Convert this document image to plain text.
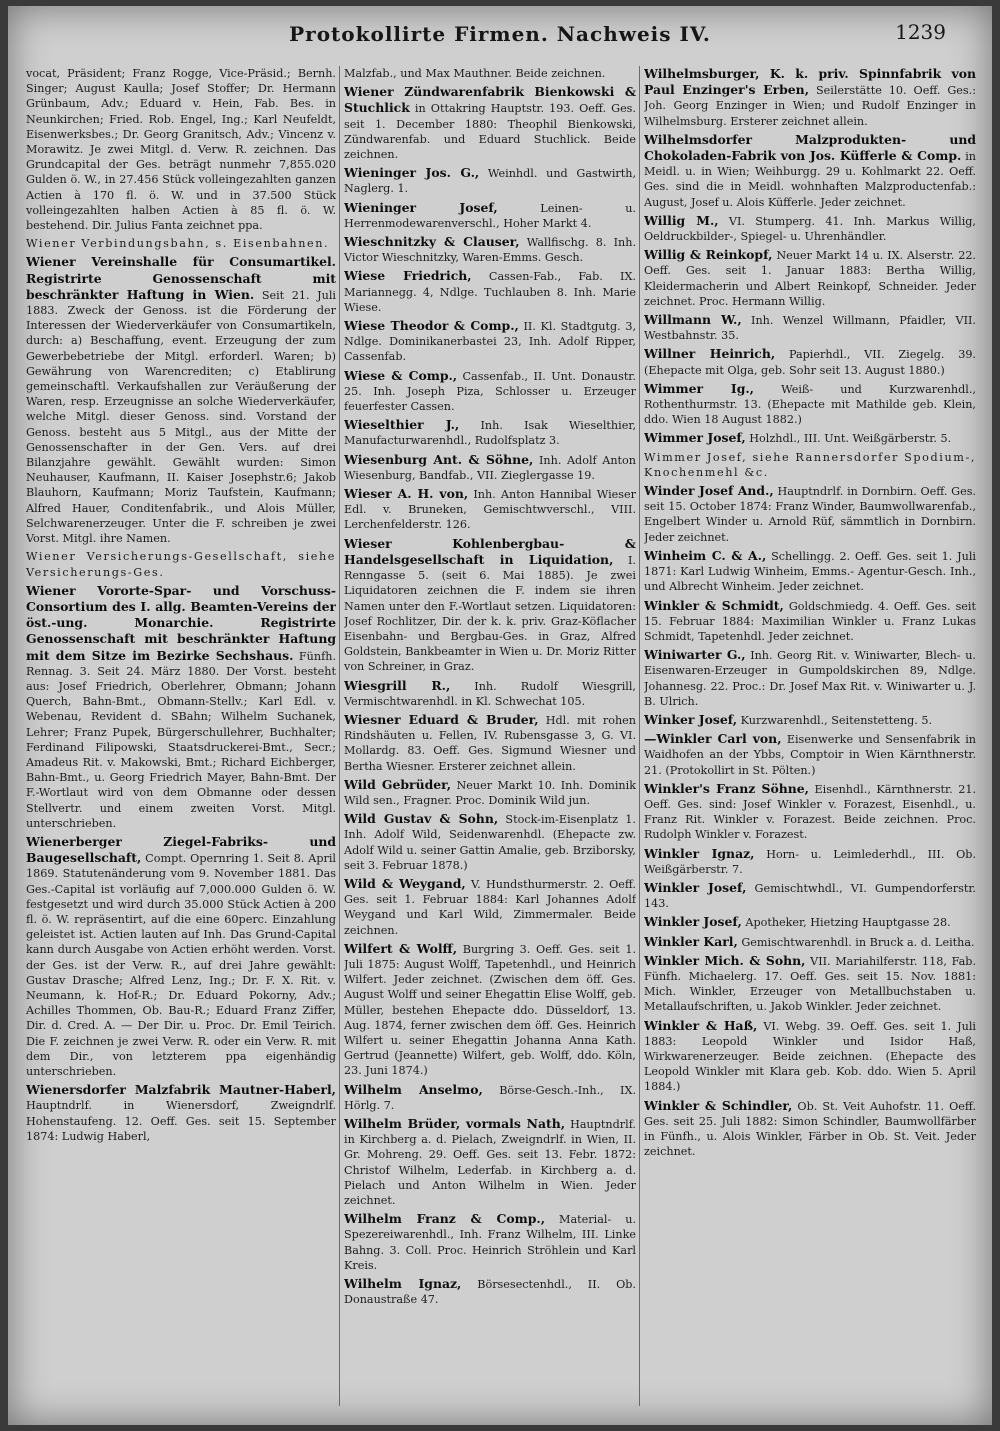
Protokollirte Firmen. Nachweis IV.	1239
vocat, Präsident; Franz Rogge, Vice-Präsid.; Bernh. Singer; August Kaulla; Josef Stoffer; Dr. Hermann Grünbaum, Adv.; Eduard v. Hein, Fab. Bes. in Neunkirchen; Fried. Rob. Engel, Ing.; Karl Neufeldt, Eisenwerksbes.; Dr. Georg Granitsch, Adv.; Vincenz v. Morawitz. Je zwei Mitgl. d. Verw. R. zeichnen. Das Grundcapital der Ges. beträgt nunmehr 7,855.020 Gulden ö. W., in 27.456 Stück volleingezahlten ganzen Actien à 170 fl. ö. W. und in 37.500 Stück volleingezahlten halben Actien à 85 fl. ö. W. bestehend. Dir. Julius Fanta zeichnet ppa.
Wiener Verbindungsbahn, s. Eisenbahnen.
Wiener Vereinshalle für Consumartikel. Registrirte Genossenschaft mit beschränkter Haftung in Wien. Seit 21. Juli 1883. Zweck der Genoss. ist die Förderung der Interessen der Wiederverkäufer von Consumartikeln, durch: a) Beschaffung, event. Erzeugung der zum Gewerbebetriebe der Mitgl. erforderl. Waren; b) Gewährung von Warencrediten; c) Etablirung gemeinschaftl. Verkaufshallen zur Veräußerung der Waren, resp. Erzeugnisse an solche Wiederverkäufer, welche Mitgl. dieser Genoss. sind. Vorstand der Genoss. besteht aus 5 Mitgl., aus der Mitte der Genossenschafter in der Gen. Vers. auf drei Bilanzjahre gewählt. Gewählt wurden: Simon Neuhauser, Kaufmann, II. Kaiser Josephstr.6; Jakob Blauhorn, Kaufmann; Moriz Taufstein, Kaufmann; Alfred Hauer, Conditenfabrik., und Alois Müller, Selchwarenerzeuger. Unter die F. schreiben je zwei Vorst. Mitgl. ihre Namen.
Wiener Versicherungs-Gesellschaft, siehe Versicherungs-Ges.
Wiener Vororte-Spar- und Vorschuss-Consortium des I. allg. Beamten-Vereins der öst.-ung. Monarchie. Registrirte Genossenschaft mit beschränkter Haftung mit dem Sitze im Bezirke Sechshaus. Fünfh. Rennag. 3. Seit 24. März 1880. Der Vorst. besteht aus: Josef Friedrich, Oberlehrer, Obmann; Johann Querch, Bahn-Bmt., Obmann-Stellv.; Karl Edl. v. Webenau, Revident d. SBahn; Wilhelm Suchanek, Lehrer; Franz Pupek, Bürgerschullehrer, Buchhalter; Ferdinand Filipowski, Staatsdruckerei-Bmt., Secr.; Amadeus Rit. v. Makowski, Bmt.; Richard Eichberger, Bahn-Bmt., u. Georg Friedrich Mayer, Bahn-Bmt. Der F.-Wortlaut wird von dem Obmanne oder dessen Stellvertr. und einem zweiten Vorst. Mitgl. unterschrieben.
Wienerberger Ziegel-Fabriks- und Baugesellschaft, Compt. Opernring 1. Seit 8. April 1869. Statutenänderung vom 9. November 1881. Das Ges.-Capital ist vorläufig auf 7,000.000 Gulden ö. W. festgesetzt und wird durch 35.000 Stück Actien à 200 fl. ö. W. repräsentirt, auf die eine 60perc. Einzahlung geleistet ist. Actien lauten auf Inh. Das Grund-Capital kann durch Ausgabe von Actien erhöht werden. Vorst. der Ges. ist der Verw. R., auf drei Jahre gewählt: Gustav Drasche; Alfred Lenz, Ing.; Dr. F. X. Rit. v. Neumann, k. Hof-R.; Dr. Eduard Pokorny, Adv.; Achilles Thommen, Ob. Bau-R.; Eduard Franz Ziffer, Dir. d. Cred. A. — Der Dir. u. Proc. Dr. Emil Teirich. Die F. zeichnen je zwei Verw. R. oder ein Verw. R. mit dem Dir., von letzterem ppa eigenhändig unterschrieben.
Wienersdorfer Malzfabrik Mautner-Haberl, Hauptndrlf. in Wienersdorf, Zweigndrlf. Hohenstaufeng. 12. Oeff. Ges. seit 15. September 1874: Ludwig Haberl,
Malzfab., und Max Mauthner. Beide zeichnen.
Wiener Zündwarenfabrik Bienkowski & Stuchlick in Ottakring Hauptstr. 193. Oeff. Ges. seit 1. December 1880: Theophil Bienkowski, Zündwarenfab. und Eduard Stuchlick. Beide zeichnen.
Wieninger Jos. G., Weinhdl. und Gastwirth, Naglerg. 1.
Wieninger Josef,	Leinen- u. Herrenmodewarenverschl., Hoher Markt 4.
Wieschnitzky & Clauser, Wallfischg. 8. Inh. Victor Wieschnitzky, Waren-Emms. Gesch.
Wiese Friedrich, Cassen-Fab., Fab. IX. Mariannegg. 4, Ndlge. Tuchlauben 8. Inh. Marie Wiese.
Wiese Theodor & Comp., II. Kl. Stadtgutg. 3, Ndlge. Dominikanerbastei 23, Inh. Adolf Ripper, Cassenfab.
Wiese & Comp., Cassenfab., II. Unt. Donaustr. 25. Inh. Joseph Piza, Schlosser u. Erzeuger feuerfester Cassen.
Wieselthier J., Inh. Isak Wieselthier, Manufacturwarenhdl., Rudolfsplatz 3.
Wiesenburg Ant. & Söhne, Inh. Adolf Anton Wiesenburg, Bandfab., VII. Zieglergasse 19.
Wieser A. H. von, Inh. Anton Hannibal Wieser Edl. v. Bruneken, Gemischtwverschl., VIII. Lerchenfelderstr. 126.
Wieser Kohlenbergbau- & Handelsgesellschaft in Liquidation, I. Renngasse 5. (seit 6. Mai 1885). Je zwei Liquidatoren zeichnen die F. indem sie ihren Namen unter den F.-Wortlaut setzen. Liquidatoren: Josef Rochlitzer, Dir. der k. k. priv. Graz-Köflacher Eisenbahn- und Bergbau-Ges. in Graz, Alfred Goldstein, Bankbeamter in Wien u. Dr. Moriz Ritter von Schreiner, in Graz.
Wiesgrill R., Inh. Rudolf Wiesgrill, Vermischtwarenhdl. in Kl. Schwechat 105.
Wiesner Eduard & Bruder, Hdl. mit rohen Rindshäuten u. Fellen, IV. Rubensgasse 3, G. VI. Mollardg. 83. Oeff. Ges. Sigmund Wiesner und Bertha Wiesner. Ersterer zeichnet allein.
Wild Gebrüder, Neuer Markt 10. Inh. Dominik Wild sen., Fragner. Proc. Dominik Wild jun.
Wild Gustav & Sohn, Stock-im-Eisenplatz 1. Inh. Adolf Wild, Seidenwarenhdl. (Ehepacte zw. Adolf Wild u. seiner Gattin Amalie, geb. Brziborsky, seit 3. Februar 1878.)
Wild & Weygand, V. Hundsthurmerstr. 2. Oeff. Ges. seit 1. Februar 1884: Karl Johannes Adolf Weygand und Karl Wild, Zimmermaler. Beide zeichnen.
Wilfert & Wolff, Burgring 3. Oeff. Ges. seit 1. Juli 1875: August Wolff, Tapetenhdl., und Heinrich Wilfert. Jeder zeichnet. (Zwischen dem öff. Ges. August Wolff und seiner Ehegattin Elise Wolff, geb. Müller, bestehen Ehepacte ddo. Düsseldorf, 13. Aug. 1874, ferner zwischen dem öff. Ges. Heinrich Wilfert u. seiner Ehegattin Johanna Anna Kath. Gertrud (Jeannette) Wilfert, geb. Wolff, ddo. Köln, 23. Juni 1874.)
Wilhelm Anselmo, Börse-Gesch.-Inh., IX. Hörlg. 7.
Wilhelm Brüder, vormals Nath, Hauptndrlf. in Kirchberg a. d. Pielach, Zweigndrlf. in Wien, II. Gr. Mohreng. 29. Oeff. Ges. seit 13. Febr. 1872: Christof Wilhelm, Lederfab. in Kirchberg a. d. Pielach und Anton Wilhelm in Wien. Jeder zeichnet.
Wilhelm Franz & Comp., Material- u. Spezereiwarenhdl., Inh. Franz Wilhelm, III. Linke Bahng. 3. Coll. Proc. Heinrich Ströhlein und Karl Kreis.
Wilhelm Ignaz, Börsesectenhdl., II. Ob. Donaustraße 47.
Wilhelmsburger, K. k. priv. Spinnfabrik von Paul Enzinger's Erben, Seilerstätte 10. Oeff. Ges.: Joh. Georg Enzinger in Wien; und Rudolf Enzinger in Wilhelmsburg. Ersterer zeichnet allein.
Wilhelmsdorfer Malzprodukten- und Chokoladen-Fabrik von Jos. Küfferle & Comp. in Meidl. u. in Wien; Weihburgg. 29 u. Kohlmarkt 22. Oeff. Ges. sind die in Meidl. wohnhaften Malzproductenfab.: August, Josef u. Alois Küfferle. Jeder zeichnet.
Willig M., VI. Stumperg. 41. Inh. Markus Willig, Oeldruckbilder-, Spiegel- u. Uhrenhändler.
Willig & Reinkopf, Neuer Markt 14 u. IX. Alserstr. 22. Oeff. Ges. seit 1. Januar 1883: Bertha Willig, Kleidermacherin und Albert Reinkopf, Schneider. Jeder zeichnet. Proc. Hermann Willig.
Willmann W., Inh. Wenzel Willmann, Pfaidler, VII. Westbahnstr. 35.
Willner Heinrich, Papierhdl., VII. Ziegelg. 39. (Ehepacte mit Olga, geb. Sohr seit 13. August 1880.)
Wimmer Ig., Weiß- und Kurzwarenhdl., Rothenthurmstr. 13. (Ehepacte mit Mathilde geb. Klein, ddo. Wien 18 August 1882.)
Wimmer Josef, Holzhdl., III. Unt. Weißgärberstr. 5.
Wimmer Josef, siehe Rannersdorfer Spodium-, Knochenmehl &c.
Winder Josef And., Hauptndrlf. in Dornbirn. Oeff. Ges. seit 15. October 1874: Franz Winder, Baumwollwarenfab., Engelbert Winder u. Arnold Rüf, sämmtlich in Dornbirn. Jeder zeichnet.
Winheim C. & A., Schellingg. 2. Oeff. Ges. seit 1. Juli 1871: Karl Ludwig Winheim, Emms.- Agentur-Gesch. Inh., und Albrecht Winheim. Jeder zeichnet.
Winkler & Schmidt, Goldschmiedg. 4. Oeff. Ges. seit 15. Februar 1884: Maximilian Winkler u. Franz Lukas Schmidt, Tapetenhdl. Jeder zeichnet.
Winiwarter G., Inh. Georg Rit. v. Winiwarter, Blech- u. Eisenwaren-Erzeuger in Gumpoldskirchen 89, Ndlge. Johannesg. 22. Proc.: Dr. Josef Max Rit. v. Winiwarter u. J. B. Ulrich.
Winker Josef, Kurzwarenhdl., Seitenstetteng. 5.
—Winkler Carl von, Eisenwerke und Sensenfabrik in Waidhofen an der Ybbs, Comptoir in Wien Kärnthnerstr. 21. (Protokollirt in St. Pölten.)
Winkler's Franz Söhne, Eisenhdl., Kärnthnerstr. 21. Oeff. Ges. sind: Josef Winkler v. Forazest, Eisenhdl., u. Franz Rit. Winkler v. Forazest. Beide zeichnen. Proc. Rudolph Winkler v. Forazest.
Winkler Ignaz, Horn- u. Leimlederhdl., III. Ob. Weißgärberstr. 7.
Winkler Josef, Gemischtwhdl., VI. Gumpendorferstr. 143.
Winkler Josef, Apotheker, Hietzing Hauptgasse 28.
Winkler Karl, Gemischtwarenhdl. in Bruck a. d. Leitha.
Winkler Mich. & Sohn, VII. Mariahilferstr. 118, Fab. Fünfh. Michaelerg. 17. Oeff. Ges. seit 15. Nov. 1881: Mich. Winkler, Erzeuger von Metallbuchstaben u. Metallaufschriften, u. Jakob Winkler. Jeder zeichnet.
Winkler & Haß, VI. Webg. 39. Oeff. Ges. seit 1. Juli 1883: Leopold Winkler und Isidor Haß, Wirkwarenerzeuger. Beide zeichnen. (Ehepacte des Leopold Winkler mit Klara geb. Kob. ddo. Wien 5. April 1884.)
Winkler & Schindler, Ob. St. Veit Auhofstr. 11. Oeff. Ges. seit 25. Juli 1882: Simon Schindler, Baumwollfärber in Fünfh., u. Alois Winkler, Färber in Ob. St. Veit. Jeder zeichnet.
